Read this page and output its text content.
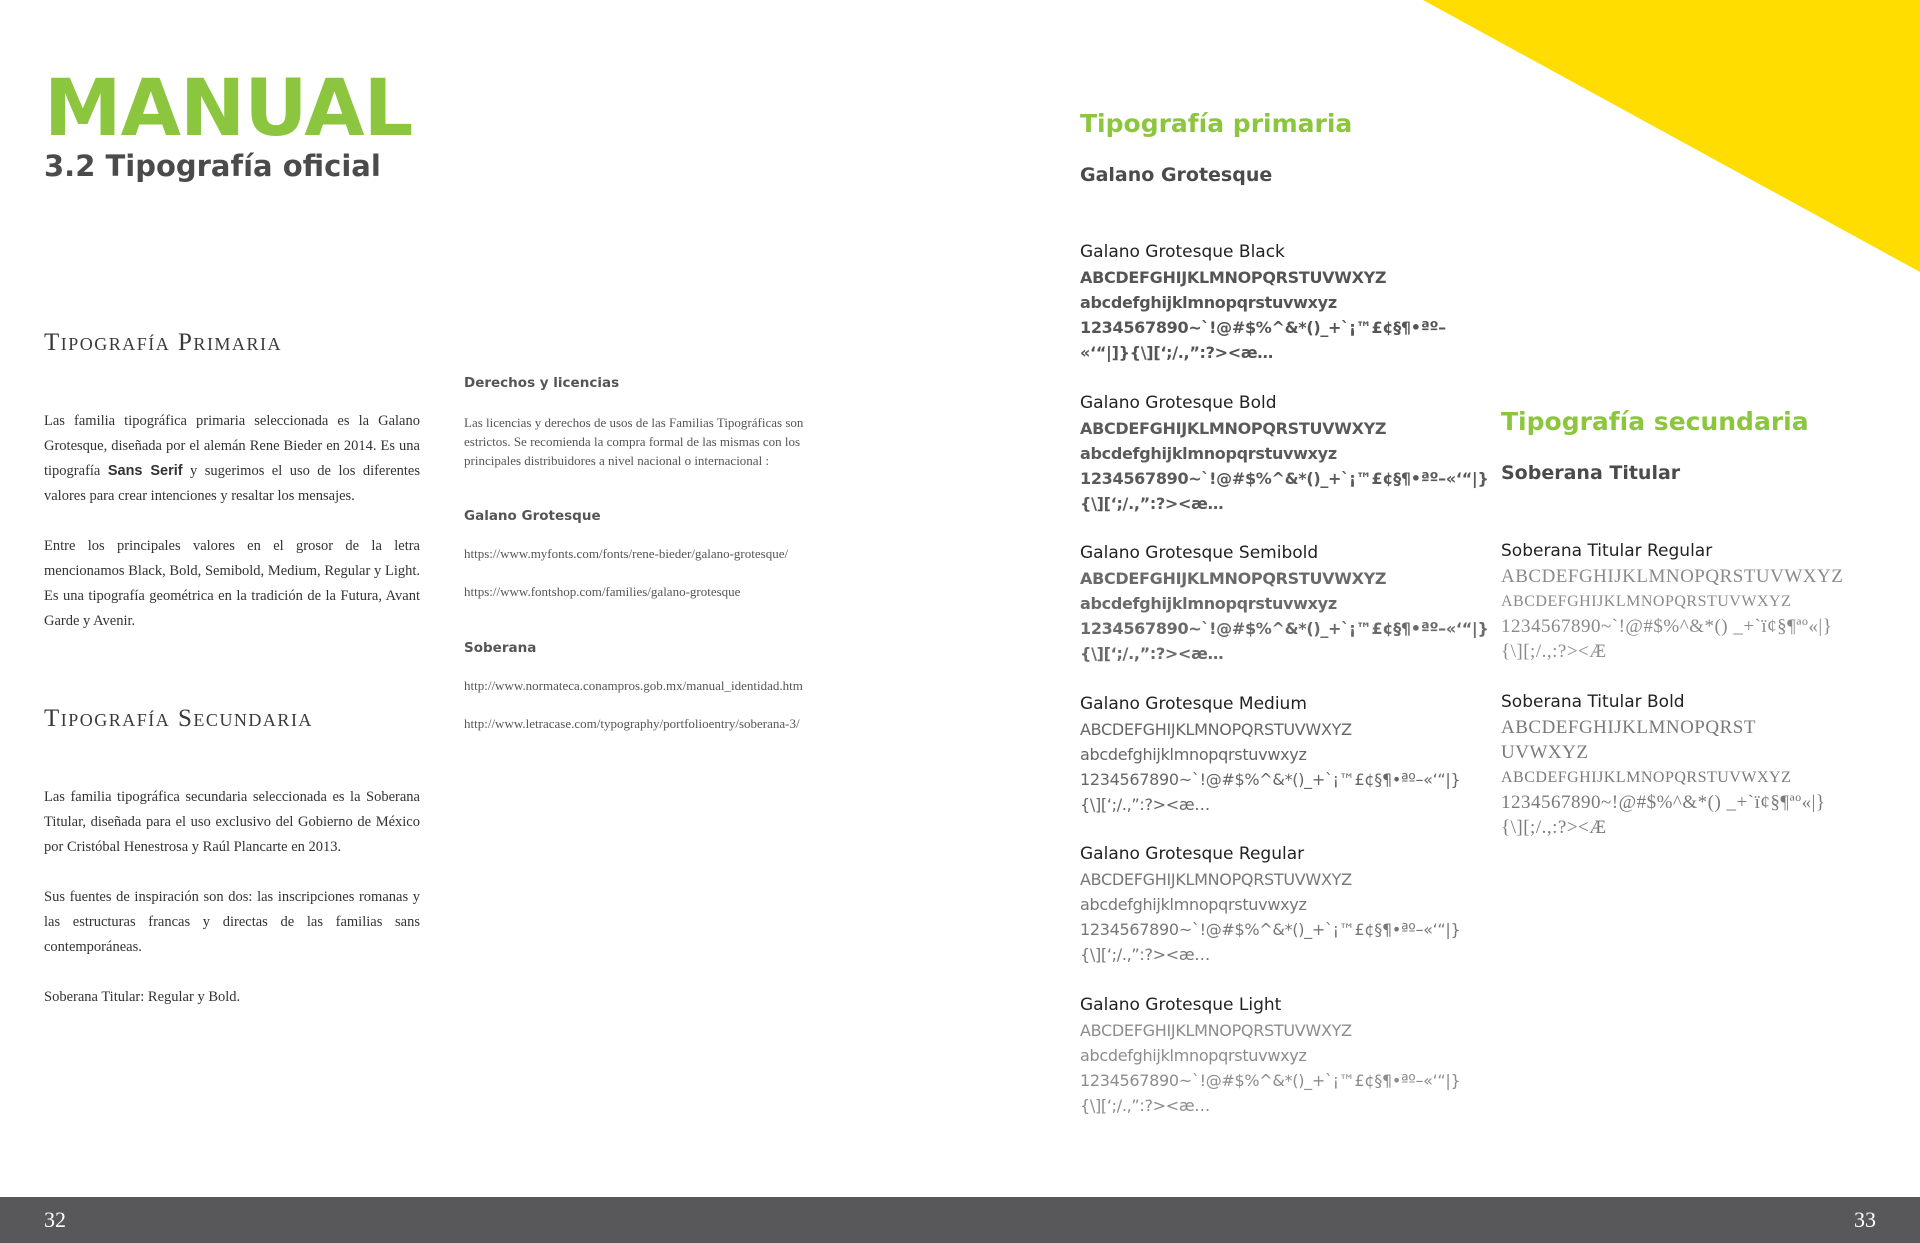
MANUAL
3.2 Tipografía oficial
Tipografía Primaria

Las familia tipográfica primaria seleccionada es la Galano Grotesque, diseñada por el alemán Rene Bieder en 2014. Es una tipografía Sans Serif y sugerimos el uso de los diferentes valores para crear intenciones y resaltar los mensajes.

Entre los principales valores en el grosor de la letra mencionamos Black, Bold, Semibold, Medium, Regular y Light. Es una tipografía geométrica en la tradición de la Futura, Avant Garde y Avenir.

Tipografía Secundaria

Las familia tipográfica secundaria seleccionada es la Soberana Titular, diseñada para el uso exclusivo del Gobierno de México por Cristóbal Henestrosa y Raúl Plancarte en 2013.

Sus fuentes de inspiración son dos: las inscripciones romanas y las estructuras francas y directas de las familias sans contemporáneas.

Soberana Titular: Regular y Bold.

Derechos y licencias
Las licencias y derechos de usos de las Familias Tipográficas son estrictos. Se recomienda la compra formal de las mismas con los principales distribuidores a nivel nacional o internacional :
Galano Grotesque
https://www.myfonts.com/fonts/rene-bieder/galano-grotesque/
https://www.fontshop.com/families/galano-grotesque
Soberana
http://www.normateca.conampros.gob.mx/manual_identidad.htm
http://www.letracase.com/typography/portfolioentry/soberana-3/
Tipografía primaria
Galano Grotesque
Galano Grotesque Black
ABCDEFGHIJKLMNOPQRSTUVWXYZ
abcdefghijklmnopqrstuvwxyz
1234567890~`!@#$%^&*()_+`¡™£¢§¶•ªº–
«‘“|]}{\][‘;/.,”:?><æ…
Galano Grotesque Bold
ABCDEFGHIJKLMNOPQRSTUVWXYZ
abcdefghijklmnopqrstuvwxyz
1234567890~`!@#$%^&*()_+`¡™£¢§¶•ªº–«‘“|}
{\][‘;/.,”:?><æ…
Galano Grotesque Semibold
ABCDEFGHIJKLMNOPQRSTUVWXYZ
abcdefghijklmnopqrstuvwxyz
1234567890~`!@#$%^&*()_+`¡™£¢§¶•ªº–«‘“|}
{\][‘;/.,”:?><æ…
Galano Grotesque Medium
ABCDEFGHIJKLMNOPQRSTUVWXYZ
abcdefghijklmnopqrstuvwxyz
1234567890~`!@#$%^&*()_+`¡™£¢§¶•ªº–«‘“|}
{\][‘;/.,”:?><æ…
Galano Grotesque Regular
ABCDEFGHIJKLMNOPQRSTUVWXYZ
abcdefghijklmnopqrstuvwxyz
1234567890~`!@#$%^&*()_+`¡™£¢§¶•ªº–«‘“|}
{\][‘;/.,”:?><æ…
Galano Grotesque Light
ABCDEFGHIJKLMNOPQRSTUVWXYZ
abcdefghijklmnopqrstuvwxyz
1234567890~`!@#$%^&*()_+`¡™£¢§¶•ªº–«‘“|}
{\][‘;/.,”:?><æ…
Tipografía secundaria
Soberana Titular
Soberana Titular Regular
ABCDEFGHIJKLMNOPQRSTUVWXYZ
ABCDEFGHIJKLMNOPQRSTUVWXYZ
1234567890~`!@#$%^&*() _+`ï¢§¶ªº«|}
{\][;/.,:?><Æ
Soberana Titular Bold
ABCDEFGHIJKLMNOPQRST
UVWXYZ
ABCDEFGHIJKLMNOPQRSTUVWXYZ
1234567890~!@#$%^&*() _+`ï¢§¶ªº«|}
{\][;/.,:?><Æ
32	33
